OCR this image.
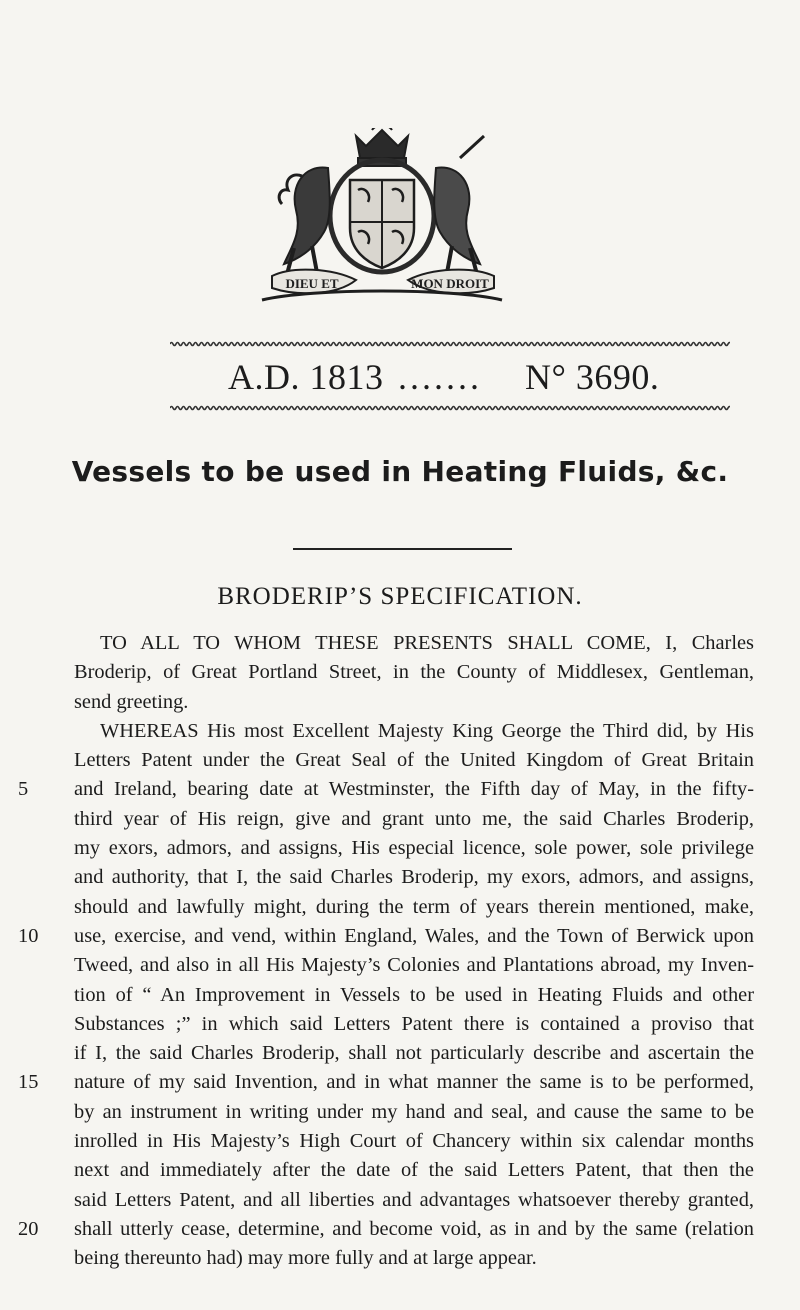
DIEU ET	MON DROIT
A.D. 1813 ....... N° 3690.
Vessels to be used in Heating Fluids, &c.
BRODERIP’S SPECIFICATION.
5
10
15
20
TO ALL TO WHOM THESE PRESENTS SHALL COME, I, Charles
Broderip, of Great Portland Street, in the County of Middlesex, Gentleman,
send greeting.
WHEREAS His most Excellent Majesty King George the Third did, by His
Letters Patent under the Great Seal of the United Kingdom of Great Britain
and Ireland, bearing date at Westminster, the Fifth day of May, in the fifty-
third year of His reign, give and grant unto me, the said Charles Broderip,
my exors, admors, and assigns, His especial licence, sole power, sole privilege
and authority, that I, the said Charles Broderip, my exors, admors, and assigns,
should and lawfully might, during the term of years therein mentioned, make,
use, exercise, and vend, within England, Wales, and the Town of Berwick upon
Tweed, and also in all His Majesty’s Colonies and Plantations abroad, my Inven-
tion of “ An Improvement in Vessels to be used in Heating Fluids and other
Substances ;” in which said Letters Patent there is contained a proviso that
if I, the said Charles Broderip, shall not particularly describe and ascertain the
nature of my said Invention, and in what manner the same is to be performed,
by an instrument in writing under my hand and seal, and cause the same to be
inrolled in His Majesty’s High Court of Chancery within six calendar months
next and immediately after the date of the said Letters Patent, that then the
said Letters Patent, and all liberties and advantages whatsoever thereby granted,
shall utterly cease, determine, and become void, as in and by the same (relation
being thereunto had) may more fully and at large appear.
